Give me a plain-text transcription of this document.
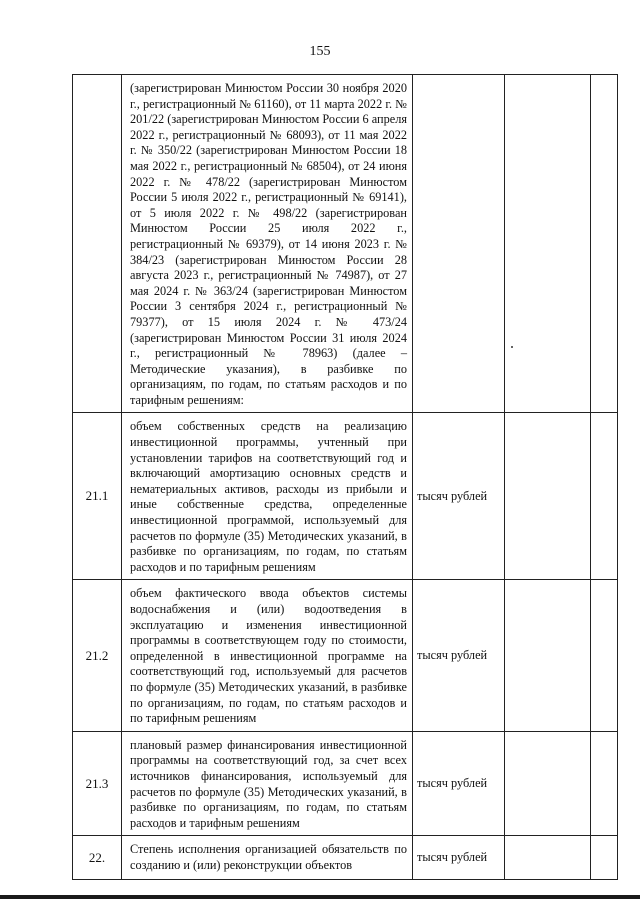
155
	(зарегистрирован Минюстом России 30 ноября 2020 г., регистрационный № 61160), от 11 марта 2022 г. № 201/22 (зарегистрирован Минюстом России 6 апреля 2022 г., регистрационный № 68093), от 11 мая 2022 г. № 350/22 (зарегистрирован Минюстом России 18 мая 2022 г., регистрационный № 68504), от 24 июня 2022 г. № 478/22 (зарегистрирован Минюстом России 5 июля 2022 г., регистрационный № 69141), от 5 июля 2022 г. № 498/22 (зарегистрирован Минюстом России 25 июля 2022 г., регистрационный № 69379), от 14 июня 2023 г. № 384/23 (зарегистрирован Минюстом России 28 августа 2023 г., регистрационный № 74987), от 27 мая 2024 г. № 363/24 (зарегистрирован Минюстом России 3 сентября 2024 г., регистрационный № 79377), от 15 июля 2024 г. № 473/24 (зарегистрирован Минюстом России 31 июля 2024 г., регистрационный № 78963) (далее – Методические указания), в разбивке по организациям, по годам, по статьям расходов и по тарифным решениям:			
21.1	объем собственных средств на реализацию инвестиционной программы, учтенный при установлении тарифов на соответствующий год и включающий амортизацию основных средств и нематериальных активов, расходы из прибыли и иные собственные средства, определенные инвестиционной программой, используемый для расчетов по формуле (35) Методических указаний, в разбивке по организациям, по годам, по статьям расходов и по тарифным решениям	тысяч рублей		
21.2	объем фактического ввода объектов системы водоснабжения и (или) водоотведения в эксплуатацию и изменения инвестиционной программы в соответствующем году по стоимости, определенной в инвестиционной программе на соответствующий год, используемый для расчетов по формуле (35) Методических указаний, в разбивке по организациям, по годам, по статьям расходов и по тарифным решениям	тысяч рублей		
21.3	плановый размер финансирования инвестиционной программы на соответствующий год, за счет всех источников финансирования, используемый для расчетов по формуле (35) Методических указаний, в разбивке по организациям, по годам, по статьям расходов и тарифным решениям	тысяч рублей		
22.	Степень исполнения организацией обязательств по созданию и (или) реконструкции объектов	тысяч рублей		
